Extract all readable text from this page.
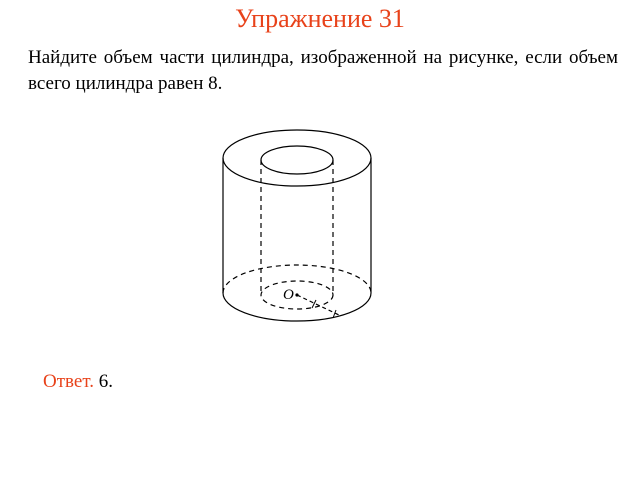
Упражнение 31
Найдите объем части цилиндра, изображенной на рисунке, если объем всего цилиндра равен 8.
O
Ответ. 6.
